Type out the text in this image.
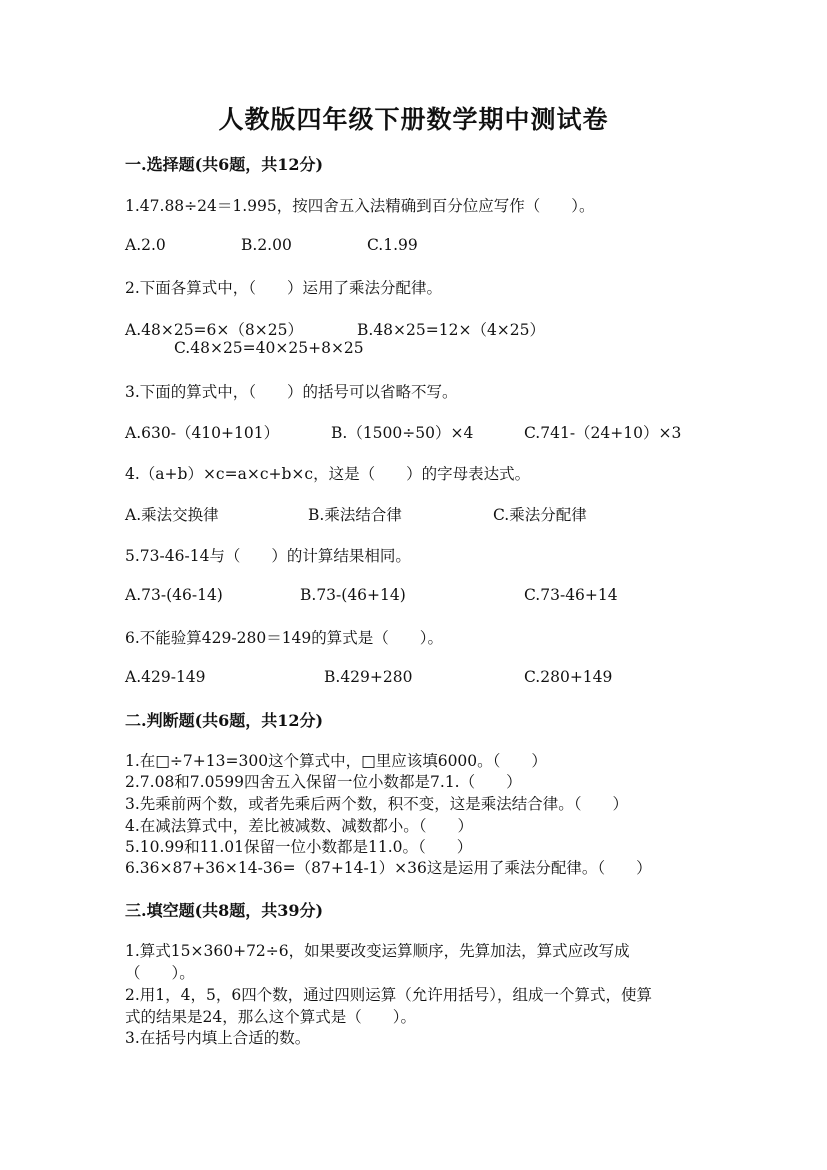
人教版四年级下册数学期中测试卷
一.选择题(共6题，共12分)
1.47.88÷24＝1.995，按四舍五入法精确到百分位应写作（　　）。
A.2.0	B.2.00	C.1.99
2.下面各算式中，（　　）运用了乘法分配律。
A.48×25=6×（8×25）	B.48×25=12×（4×25）
C.48×25=40×25+8×25
3.下面的算式中，（　　）的括号可以省略不写。
A.630-（410+101）	B.（1500÷50）×4	C.741-（24+10）×3
4.（a+b）×c=a×c+b×c，这是（　　）的字母表达式。
A.乘法交换律	B.乘法结合律	C.乘法分配律
5.73-46-14与（　　）的计算结果相同。
A.73-(46-14)	B.73-(46+14)	C.73-46+14
6.不能验算429-280＝149的算式是（　　）。
A.429-149	B.429+280	C.280+149
二.判断题(共6题，共12分)
1.在□÷7+13=300这个算式中，□里应该填6000。（　　）
2.7.08和7.0599四舍五入保留一位小数都是7.1.（　　）
3.先乘前两个数，或者先乘后两个数，积不变，这是乘法结合律。（　　）
4.在减法算式中，差比被减数、减数都小。（　　）
5.10.99和11.01保留一位小数都是11.0。（　　）
6.36×87+36×14-36=（87+14-1）×36这是运用了乘法分配律。（　　）
三.填空题(共8题，共39分)
1.算式15×360+72÷6，如果要改变运算顺序，先算加法，算式应改写成
（　　）。
2.用1，4，5，6四个数，通过四则运算（允许用括号），组成一个算式，使算
式的结果是24，那么这个算式是（　　）。
3.在括号内填上合适的数。
